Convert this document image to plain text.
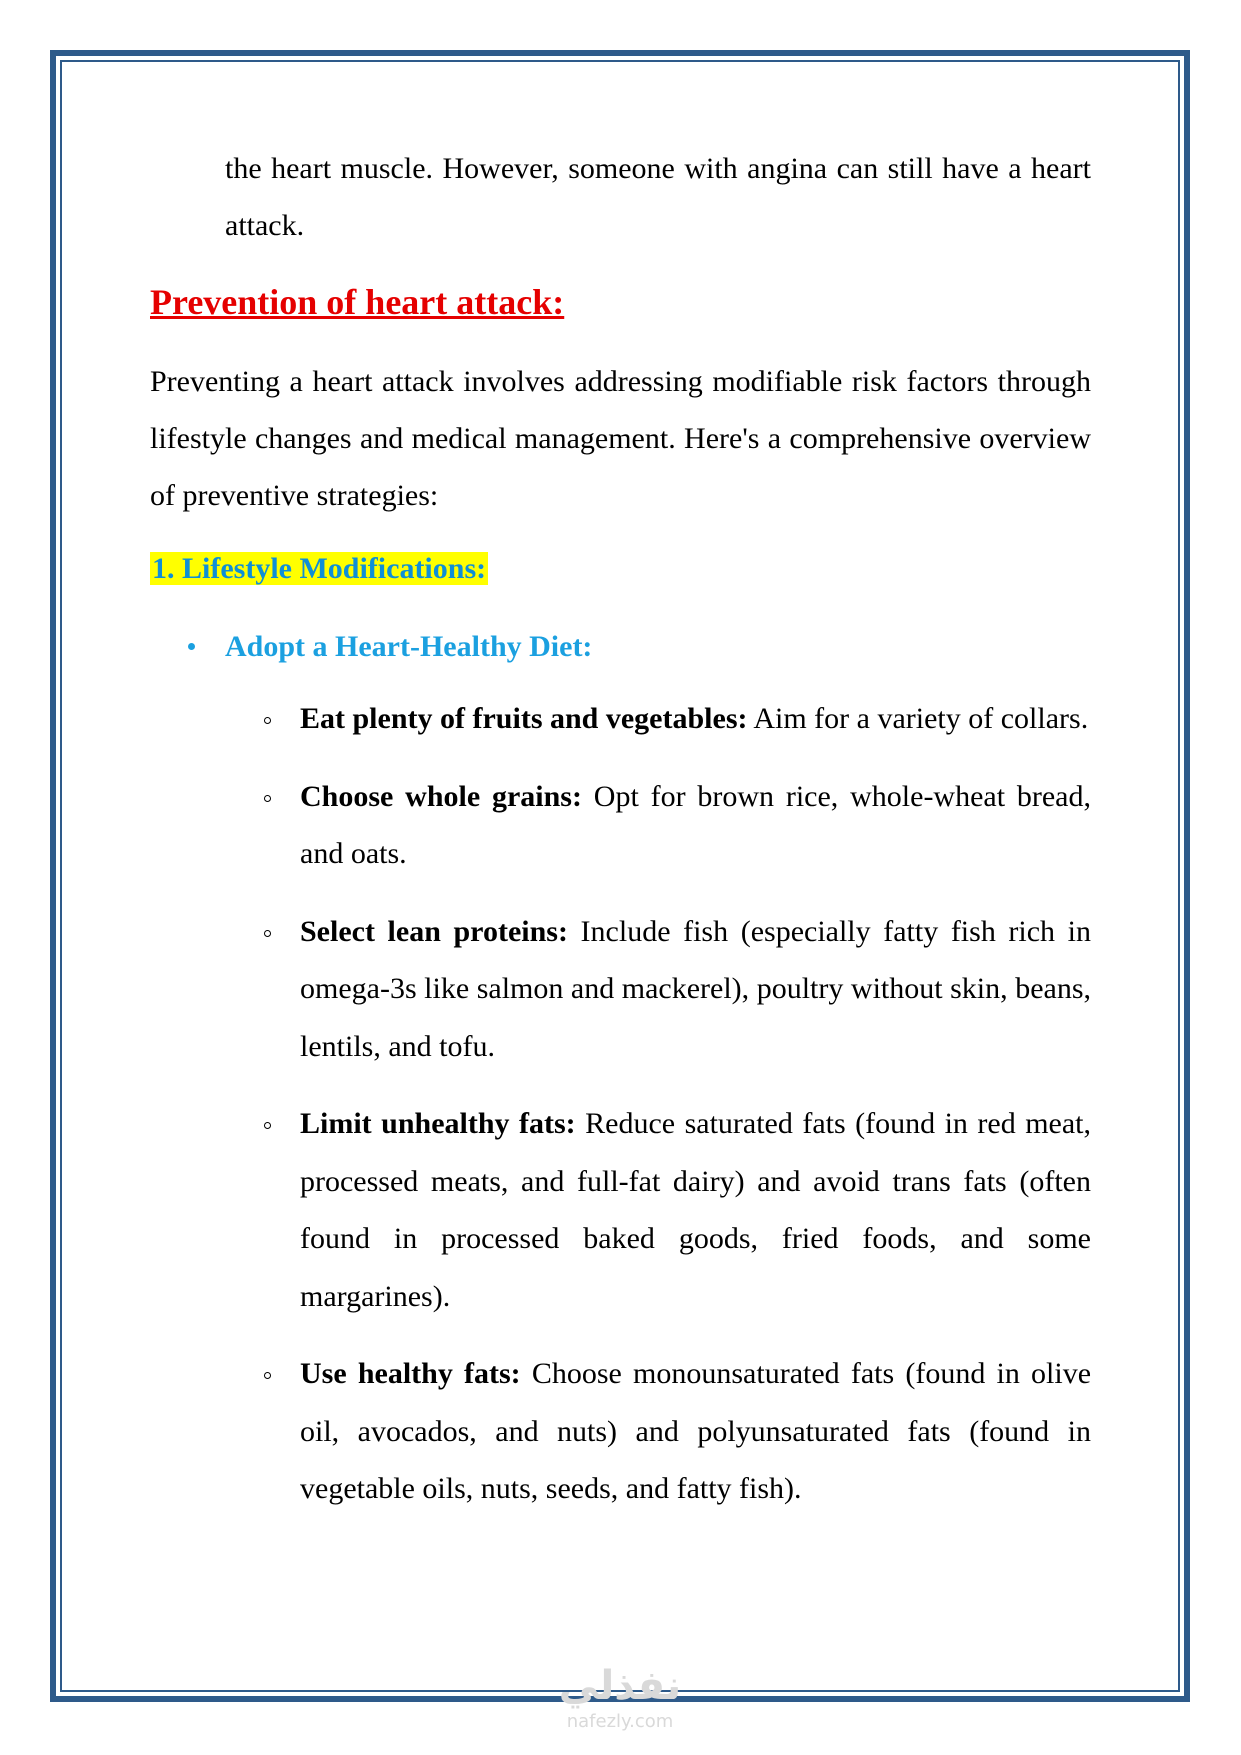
the heart muscle. However, someone with angina can still have a heart attack.

Prevention of heart attack:

Preventing a heart attack involves addressing modifiable risk factors through lifestyle changes and medical management. Here's a comprehensive overview of preventive strategies:

1. Lifestyle Modifications:
Adopt a Heart-Healthy Diet:
Eat plenty of fruits and vegetables: Aim for a variety of collars.
Choose whole grains: Opt for brown rice, whole-wheat bread, and oats.
Select lean proteins: Include fish (especially fatty fish rich in omega-3s like salmon and mackerel), poultry without skin, beans, lentils, and tofu.
Limit unhealthy fats: Reduce saturated fats (found in red meat, processed meats, and full-fat dairy) and avoid trans fats (often found in processed baked goods, fried foods, and some margarines).
Use healthy fats: Choose monounsaturated fats (found in olive oil, avocados, and nuts) and polyunsaturated fats (found in vegetable oils, nuts, seeds, and fatty fish).
نفذلي
nafezly.com
